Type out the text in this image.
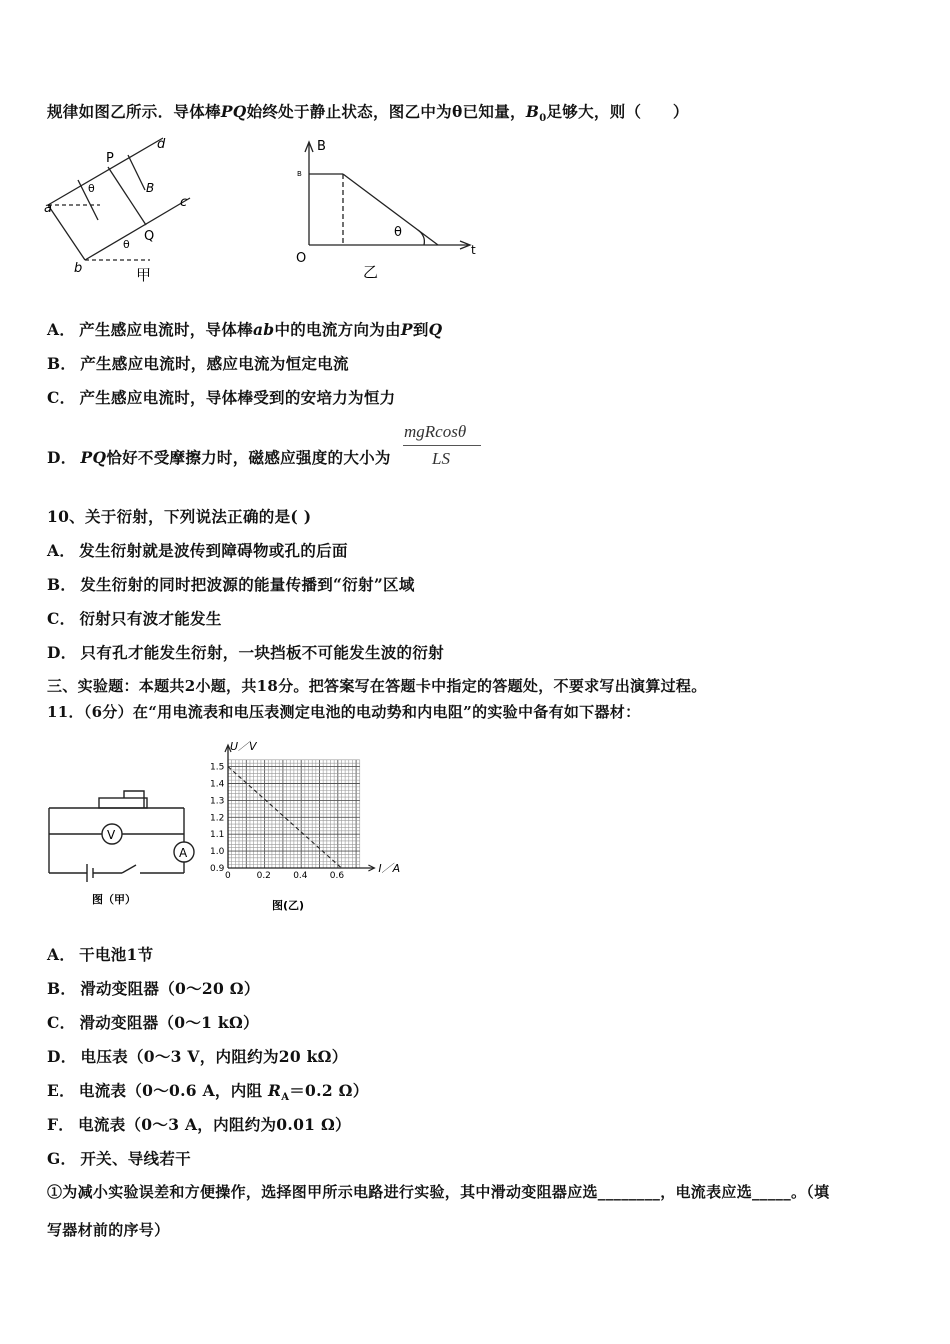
规律如图乙所示．导体棒PQ始终处于静止状态，图乙中为θ已知量，$B_0$足够大，则（　　）
a
b
c
d
P
Q
B
θ
θ
甲
B
t
O
B
θ
乙
A． 产生感应电流时，导体棒ab中的电流方向为由P到Q
B． 产生感应电流时，感应电流为恒定电流
C． 产生感应电流时，导体棒受到的安培力为恒力
D． PQ恰好不受摩擦力时，磁感应强度的大小为
mgRcosθ
LS
10、关于衍射，下列说法正确的是( )
A． 发生衍射就是波传到障碍物或孔的后面
B． 发生衍射的同时把波源的能量传播到“衍射”区域
C． 衍射只有波才能发生
D． 只有孔才能发生衍射，一块挡板不可能发生波的衍射
三、实验题：本题共2小题，共18分。把答案写在答题卡中指定的答题处，不要求写出演算过程。
11．（6分）在“用电流表和电压表测定电池的电动势和内电阻”的实验中备有如下器材：
V
A
图（甲）
0	0.2 0.4 0.6
0.9
1.0
1.1
1.2
1.3
1.4
1.5
U／V
I／A
图(乙)
A． 干电池1节
B． 滑动变阻器（0～20 Ω）
C． 滑动变阻器（0～1 kΩ）
D． 电压表（0～3 V，内阻约为20 kΩ）
E． 电流表（0～0.6 A，内阻 $R_A=0.2$ Ω）
F． 电流表（0～3 A，内阻约为0.01 Ω）
G． 开关、导线若干
①为减小实验误差和方便操作，选择图甲所示电路进行实验，其中滑动变阻器应选________，电流表应选_____。（填
写器材前的序号）
